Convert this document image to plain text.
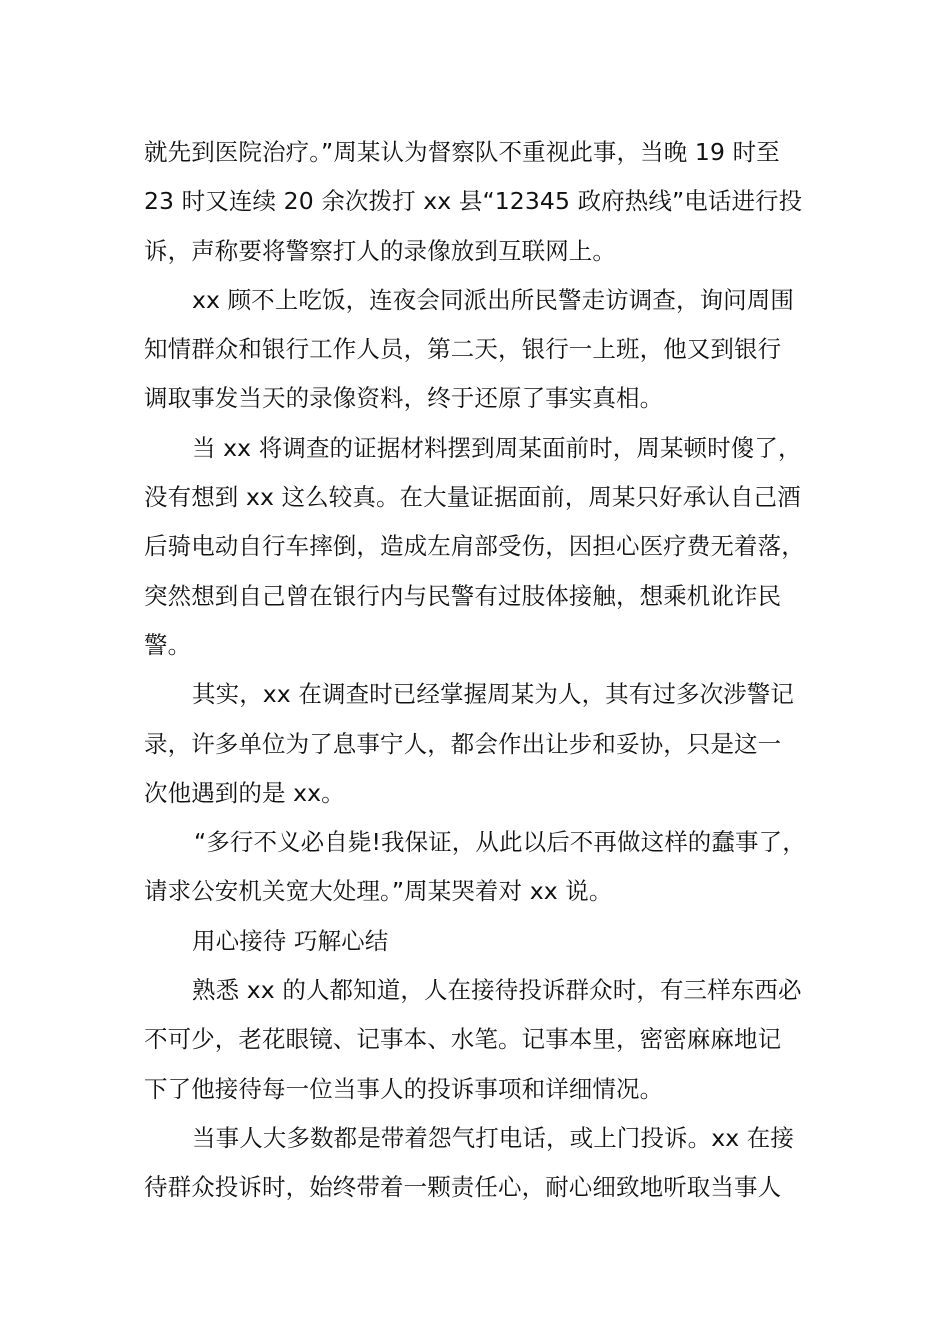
就先到医院治疗。”周某认为督察队不重视此事，当晚 19 时至
23 时又连续 20 余次拨打 xx 县“12345 政府热线”电话进行投
诉，声称要将警察打人的录像放到互联网上。
xx 顾不上吃饭，连夜会同派出所民警走访调查，询问周围
知情群众和银行工作人员，第二天，银行一上班，他又到银行
调取事发当天的录像资料，终于还原了事实真相。
当 xx 将调查的证据材料摆到周某面前时，周某顿时傻了，
没有想到 xx 这么较真。在大量证据面前，周某只好承认自己酒
后骑电动自行车摔倒，造成左肩部受伤，因担心医疗费无着落，
突然想到自己曾在银行内与民警有过肢体接触，想乘机讹诈民
警。
其实，xx 在调查时已经掌握周某为人，其有过多次涉警记
录，许多单位为了息事宁人，都会作出让步和妥协，只是这一
次他遇到的是 xx。
“多行不义必自毙!我保证，从此以后不再做这样的蠢事了，
请求公安机关宽大处理。”周某哭着对 xx 说。
用心接待 巧解心结
熟悉 xx 的人都知道，人在接待投诉群众时，有三样东西必
不可少，老花眼镜、记事本、水笔。记事本里，密密麻麻地记
下了他接待每一位当事人的投诉事项和详细情况。
当事人大多数都是带着怨气打电话，或上门投诉。xx 在接
待群众投诉时，始终带着一颗责任心，耐心细致地听取当事人
